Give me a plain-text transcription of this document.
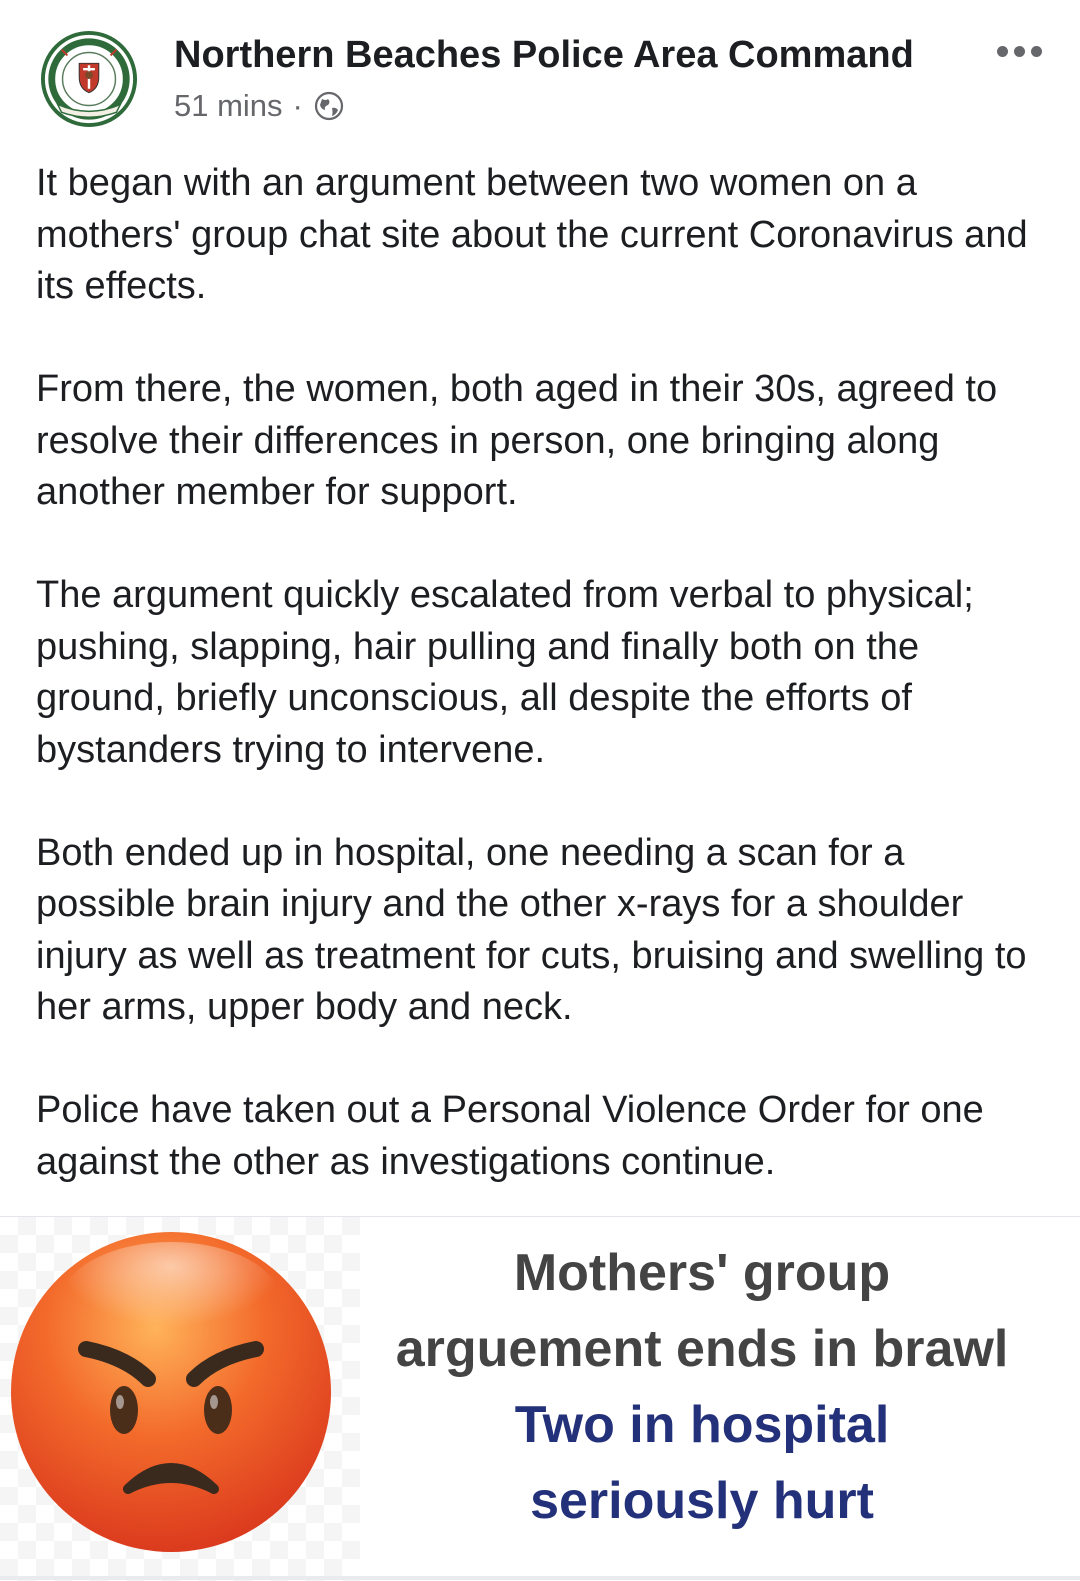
Northern Beaches Police Area Command
51 mins ·

It began with an argument between two women on a mothers' group chat site about the current Coronavirus and its effects.

From there, the women, both aged in their 30s, agreed to resolve their differences in person, one bringing along another member for support.

The argument quickly escalated from verbal to physical; pushing, slapping, hair pulling and finally both on the ground, briefly unconscious, all despite the efforts of bystanders trying to intervene.

Both ended up in hospital, one needing a scan for a possible brain injury and the other x-rays for a shoulder injury as well as treatment for cuts, bruising and swelling to her arms, upper body and neck.

Police have taken out a Personal Violence Order for one against the other as investigations continue.

Mothers' group
arguement ends in brawl
Two in hospital
seriously hurt
